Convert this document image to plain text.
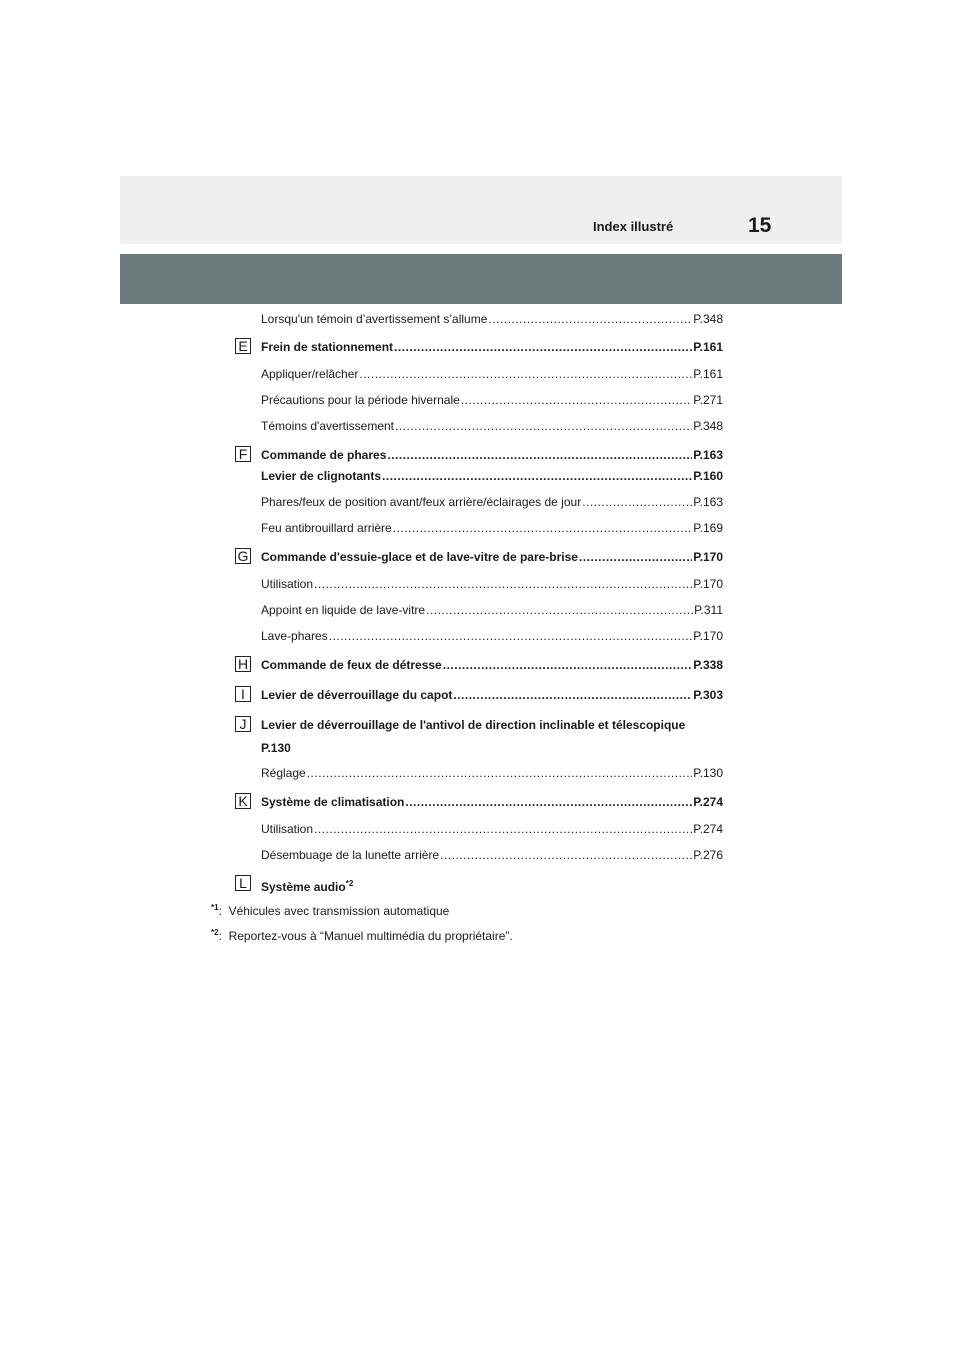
Index illustré	15
Lorsqu'un témoin d’avertissement s’allume .....	P.348
E Frein de stationnement .....	P.161
Appliquer/relâcher .....	P.161
Précautions pour la période hivernale .....	P.271
Témoins d'avertissement .....	P.348
F	Commande de phares .....	P.163
Levier de clignotants .....	P.160
Phares/feux de position avant/feux arrière/éclairages de jour .....	P.163
Feu antibrouillard arrière .....	P.169
G Commande d'essuie-glace et de lave-vitre de pare-brise .....	P.170
Utilisation .....	P.170
Appoint en liquide de lave-vitre .....	P.311
Lave-phares .....	P.170
H Commande de feux de détresse .....	P.338
I	Levier de déverrouillage du capot .....	P.303
J	Levier de déverrouillage de l'antivol de direction inclinable et télescopique
P.130
Réglage .....	P.130
K Système de climatisation .....	P.274
Utilisation .....	P.274
Désembuage de la lunette arrière .....	P.276
L	Système audio$^{*2}$
$^{*1}$:  Véhicules avec transmission automatique
$^{*2}$:  Reportez-vous à “Manuel multimédia du propriétaire”.
